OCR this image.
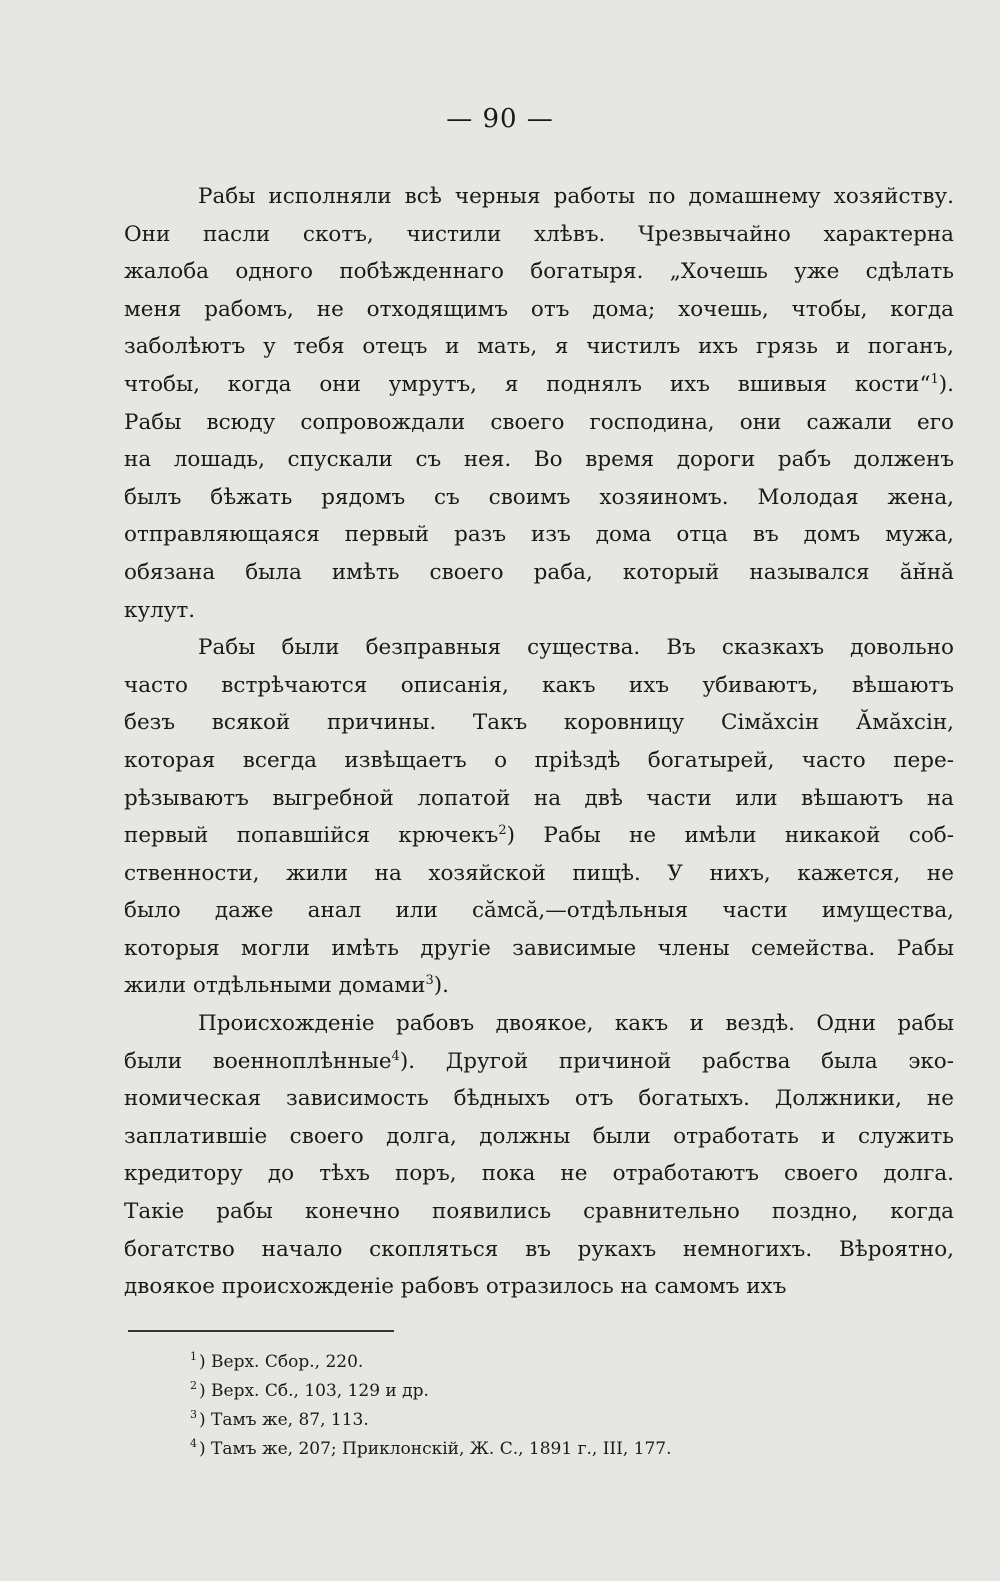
— 90 —
Рабы исполняли всѣ черныя работы по домашнему хозяйству.
Они пасли скотъ, чистили хлѣвъ. Чрезвычайно характерна
жалоба одного побѣжденнаго богатыря. „Хочешь уже сдѣлать
меня рабомъ, не отходящимъ отъ дома; хочешь, чтобы, когда
заболѣютъ у тебя отецъ и мать, я чистилъ ихъ грязь и поганъ,
чтобы, когда они умрутъ, я поднялъ ихъ вшивыя кости“$^1$).
Рабы всюду сопровождали своего господина, они сажали его
на лошадь, спускали съ нея. Во время дороги рабъ долженъ
былъ бѣжать рядомъ съ своимъ хозяиномъ. Молодая жена,
отправляющаяся первый разъ изъ дома отца въ домъ мужа,
обязана была имѣть своего раба, который назывался ӑн̆нӑ
кулут.
Рабы были безправныя существа. Въ сказкахъ довольно
часто встрѣчаются описанія, какъ ихъ убиваютъ, вѣшаютъ
безъ всякой причины. Такъ коровницу Сімӑхсін Ӑмӑхсін,
которая всегда извѣщаетъ о пріѣздѣ богатырей, часто пере-
рѣзываютъ выгребной лопатой на двѣ части или вѣшаютъ на
первый попавшійся крючекъ$^2$) Рабы не имѣли никакой соб-
ственности, жили на хозяйской пищѣ. У нихъ, кажется, не
было даже анал или сӑмсӑ,—отдѣльныя части имущества,
которыя могли имѣть другіе зависимые члены семейства. Рабы
жили отдѣльными домами$^3$).
Происхожденіе рабовъ двоякое, какъ и вездѣ. Одни рабы
были военноплѣнные$^4$). Другой причиной рабства была эко-
номическая зависимость бѣдныхъ отъ богатыхъ. Должники, не
заплатившіе своего долга, должны были отработать и служить
кредитору до тѣхъ поръ, пока не отработаютъ своего долга.
Такіе рабы конечно появились сравнительно поздно, когда
богатство начало скопляться въ рукахъ немногихъ. Вѣроятно,
двоякое происхожденіе рабовъ отразилось на самомъ ихъ
$^1$ ) Верх. Сбор., 220.
$^2$ ) Верх. Сб., 103, 129 и др.
$^3$ ) Тамъ же, 87, 113.
$^4$ ) Тамъ же, 207; Приклонскій, Ж. С., 1891 г., III, 177.
